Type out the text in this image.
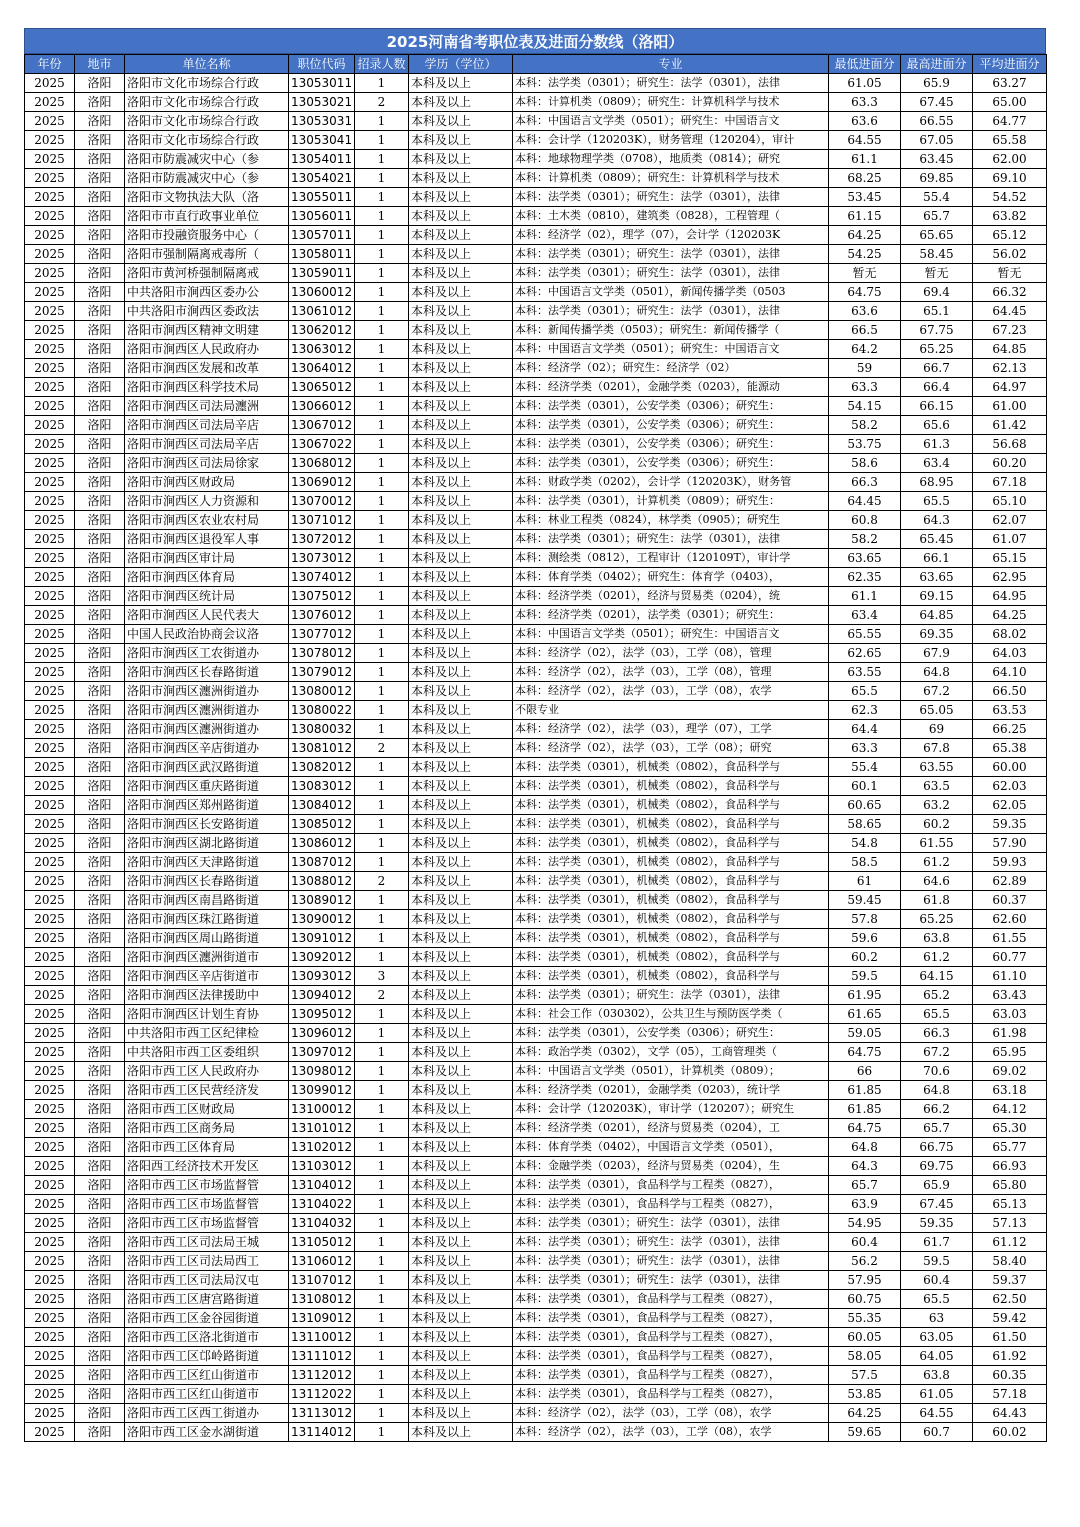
2025河南省考职位表及进面分数线（洛阳）
年份	地市	单位名称	职位代码	招录人数	学历（学位）	专业	最低进面分	最高进面分	平均进面分
2025	洛阳	洛阳市文化市场综合行政	13053011	1	本科及以上	本科：法学类（0301）；研究生：法学（0301），法律	61.05	65.9	63.27
2025	洛阳	洛阳市文化市场综合行政	13053021	2	本科及以上	本科：计算机类（0809）；研究生：计算机科学与技术	63.3	67.45	65.00
2025	洛阳	洛阳市文化市场综合行政	13053031	1	本科及以上	本科：中国语言文学类（0501）；研究生：中国语言文	63.6	66.55	64.77
2025	洛阳	洛阳市文化市场综合行政	13053041	1	本科及以上	本科：会计学（120203K），财务管理（120204），审计	64.55	67.05	65.58
2025	洛阳	洛阳市防震减灾中心（参	13054011	1	本科及以上	本科：地球物理学类（0708），地质类（0814）；研究	61.1	63.45	62.00
2025	洛阳	洛阳市防震减灾中心（参	13054021	1	本科及以上	本科：计算机类（0809）；研究生：计算机科学与技术	68.25	69.85	69.10
2025	洛阳	洛阳市文物执法大队（洛	13055011	1	本科及以上	本科：法学类（0301）；研究生：法学（0301），法律	53.45	55.4	54.52
2025	洛阳	洛阳市市直行政事业单位	13056011	1	本科及以上	本科：土木类（0810），建筑类（0828），工程管理（	61.15	65.7	63.82
2025	洛阳	洛阳市投融资服务中心（	13057011	1	本科及以上	本科：经济学（02），理学（07），会计学（120203K	64.25	65.65	65.12
2025	洛阳	洛阳市强制隔离戒毒所（	13058011	1	本科及以上	本科：法学类（0301）；研究生：法学（0301），法律	54.25	58.45	56.02
2025	洛阳	洛阳市黄河桥强制隔离戒	13059011	1	本科及以上	本科：法学类（0301）；研究生：法学（0301），法律	暂无	暂无	暂无
2025	洛阳	中共洛阳市涧西区委办公	13060012	1	本科及以上	本科：中国语言文学类（0501），新闻传播学类（0503	64.75	69.4	66.32
2025	洛阳	中共洛阳市涧西区委政法	13061012	1	本科及以上	本科：法学类（0301）；研究生：法学（0301），法律	63.6	65.1	64.45
2025	洛阳	洛阳市涧西区精神文明建	13062012	1	本科及以上	本科：新闻传播学类（0503）；研究生：新闻传播学（	66.5	67.75	67.23
2025	洛阳	洛阳市涧西区人民政府办	13063012	1	本科及以上	本科：中国语言文学类（0501）；研究生：中国语言文	64.2	65.25	64.85
2025	洛阳	洛阳市涧西区发展和改革	13064012	1	本科及以上	本科：经济学（02）；研究生：经济学（02）	59	66.7	62.13
2025	洛阳	洛阳市涧西区科学技术局	13065012	1	本科及以上	本科：经济学类（0201），金融学类（0203），能源动	63.3	66.4	64.97
2025	洛阳	洛阳市涧西区司法局瀍洲	13066012	1	本科及以上	本科：法学类（0301），公安学类（0306）；研究生：	54.15	66.15	61.00
2025	洛阳	洛阳市涧西区司法局辛店	13067012	1	本科及以上	本科：法学类（0301），公安学类（0306）；研究生：	58.2	65.6	61.42
2025	洛阳	洛阳市涧西区司法局辛店	13067022	1	本科及以上	本科：法学类（0301），公安学类（0306）；研究生：	53.75	61.3	56.68
2025	洛阳	洛阳市涧西区司法局徐家	13068012	1	本科及以上	本科：法学类（0301），公安学类（0306）；研究生：	58.6	63.4	60.20
2025	洛阳	洛阳市涧西区财政局	13069012	1	本科及以上	本科：财政学类（0202），会计学（120203K），财务管	66.3	68.95	67.18
2025	洛阳	洛阳市涧西区人力资源和	13070012	1	本科及以上	本科：法学类（0301），计算机类（0809）；研究生：	64.45	65.5	65.10
2025	洛阳	洛阳市涧西区农业农村局	13071012	1	本科及以上	本科：林业工程类（0824），林学类（0905）；研究生	60.8	64.3	62.07
2025	洛阳	洛阳市涧西区退役军人事	13072012	1	本科及以上	本科：法学类（0301）；研究生：法学（0301），法律	58.2	65.45	61.07
2025	洛阳	洛阳市涧西区审计局	13073012	1	本科及以上	本科：测绘类（0812），工程审计（120109T），审计学	63.65	66.1	65.15
2025	洛阳	洛阳市涧西区体育局	13074012	1	本科及以上	本科：体育学类（0402）；研究生：体育学（0403），	62.35	63.65	62.95
2025	洛阳	洛阳市涧西区统计局	13075012	1	本科及以上	本科：经济学类（0201），经济与贸易类（0204），统	61.1	69.15	64.95
2025	洛阳	洛阳市涧西区人民代表大	13076012	1	本科及以上	本科：经济学类（0201），法学类（0301）；研究生：	63.4	64.85	64.25
2025	洛阳	中国人民政治协商会议洛	13077012	1	本科及以上	本科：中国语言文学类（0501）；研究生：中国语言文	65.55	69.35	68.02
2025	洛阳	洛阳市涧西区工农街道办	13078012	1	本科及以上	本科：经济学（02），法学（03），工学（08），管理	62.65	67.9	64.03
2025	洛阳	洛阳市涧西区长春路街道	13079012	1	本科及以上	本科：经济学（02），法学（03），工学（08），管理	63.55	64.8	64.10
2025	洛阳	洛阳市涧西区瀍洲街道办	13080012	1	本科及以上	本科：经济学（02），法学（03），工学（08），农学	65.5	67.2	66.50
2025	洛阳	洛阳市涧西区瀍洲街道办	13080022	1	本科及以上	不限专业	62.3	65.05	63.53
2025	洛阳	洛阳市涧西区瀍洲街道办	13080032	1	本科及以上	本科：经济学（02），法学（03），理学（07），工学	64.4	69	66.25
2025	洛阳	洛阳市涧西区辛店街道办	13081012	2	本科及以上	本科：经济学（02），法学（03），工学（08）；研究	63.3	67.8	65.38
2025	洛阳	洛阳市涧西区武汉路街道	13082012	1	本科及以上	本科：法学类（0301），机械类（0802），食品科学与	55.4	63.55	60.00
2025	洛阳	洛阳市涧西区重庆路街道	13083012	1	本科及以上	本科：法学类（0301），机械类（0802），食品科学与	60.1	63.5	62.03
2025	洛阳	洛阳市涧西区郑州路街道	13084012	1	本科及以上	本科：法学类（0301），机械类（0802），食品科学与	60.65	63.2	62.05
2025	洛阳	洛阳市涧西区长安路街道	13085012	1	本科及以上	本科：法学类（0301），机械类（0802），食品科学与	58.65	60.2	59.35
2025	洛阳	洛阳市涧西区湖北路街道	13086012	1	本科及以上	本科：法学类（0301），机械类（0802），食品科学与	54.8	61.55	57.90
2025	洛阳	洛阳市涧西区天津路街道	13087012	1	本科及以上	本科：法学类（0301），机械类（0802），食品科学与	58.5	61.2	59.93
2025	洛阳	洛阳市涧西区长春路街道	13088012	2	本科及以上	本科：法学类（0301），机械类（0802），食品科学与	61	64.6	62.89
2025	洛阳	洛阳市涧西区南昌路街道	13089012	1	本科及以上	本科：法学类（0301），机械类（0802），食品科学与	59.45	61.8	60.37
2025	洛阳	洛阳市涧西区珠江路街道	13090012	1	本科及以上	本科：法学类（0301），机械类（0802），食品科学与	57.8	65.25	62.60
2025	洛阳	洛阳市涧西区周山路街道	13091012	1	本科及以上	本科：法学类（0301），机械类（0802），食品科学与	59.6	63.8	61.55
2025	洛阳	洛阳市涧西区瀍洲街道市	13092012	1	本科及以上	本科：法学类（0301），机械类（0802），食品科学与	60.2	61.2	60.77
2025	洛阳	洛阳市涧西区辛店街道市	13093012	3	本科及以上	本科：法学类（0301），机械类（0802），食品科学与	59.5	64.15	61.10
2025	洛阳	洛阳市涧西区法律援助中	13094012	2	本科及以上	本科：法学类（0301）；研究生：法学（0301），法律	61.95	65.2	63.43
2025	洛阳	洛阳市涧西区计划生育协	13095012	1	本科及以上	本科：社会工作（030302），公共卫生与预防医学类（	61.65	65.5	63.03
2025	洛阳	中共洛阳市西工区纪律检	13096012	1	本科及以上	本科：法学类（0301），公安学类（0306）；研究生：	59.05	66.3	61.98
2025	洛阳	中共洛阳市西工区委组织	13097012	1	本科及以上	本科：政治学类（0302），文学（05），工商管理类（	64.75	67.2	65.95
2025	洛阳	洛阳市西工区人民政府办	13098012	1	本科及以上	本科：中国语言文学类（0501），计算机类（0809）；	66	70.6	69.02
2025	洛阳	洛阳市西工区民营经济发	13099012	1	本科及以上	本科：经济学类（0201），金融学类（0203），统计学	61.85	64.8	63.18
2025	洛阳	洛阳市西工区财政局	13100012	1	本科及以上	本科：会计学（120203K），审计学（120207）；研究生	61.85	66.2	64.12
2025	洛阳	洛阳市西工区商务局	13101012	1	本科及以上	本科：经济学类（0201），经济与贸易类（0204），工	64.75	65.7	65.30
2025	洛阳	洛阳市西工区体育局	13102012	1	本科及以上	本科：体育学类（0402），中国语言文学类（0501），	64.8	66.75	65.77
2025	洛阳	洛阳西工经济技术开发区	13103012	1	本科及以上	本科：金融学类（0203），经济与贸易类（0204），生	64.3	69.75	66.93
2025	洛阳	洛阳市西工区市场监督管	13104012	1	本科及以上	本科：法学类（0301），食品科学与工程类（0827），	65.7	65.9	65.80
2025	洛阳	洛阳市西工区市场监督管	13104022	1	本科及以上	本科：法学类（0301），食品科学与工程类（0827），	63.9	67.45	65.13
2025	洛阳	洛阳市西工区市场监督管	13104032	1	本科及以上	本科：法学类（0301）；研究生：法学（0301），法律	54.95	59.35	57.13
2025	洛阳	洛阳市西工区司法局王城	13105012	1	本科及以上	本科：法学类（0301）；研究生：法学（0301），法律	60.4	61.7	61.12
2025	洛阳	洛阳市西工区司法局西工	13106012	1	本科及以上	本科：法学类（0301）；研究生：法学（0301），法律	56.2	59.5	58.40
2025	洛阳	洛阳市西工区司法局汉屯	13107012	1	本科及以上	本科：法学类（0301）；研究生：法学（0301），法律	57.95	60.4	59.37
2025	洛阳	洛阳市西工区唐宫路街道	13108012	1	本科及以上	本科：法学类（0301），食品科学与工程类（0827），	60.75	65.5	62.50
2025	洛阳	洛阳市西工区金谷园街道	13109012	1	本科及以上	本科：法学类（0301），食品科学与工程类（0827），	55.35	63	59.42
2025	洛阳	洛阳市西工区洛北街道市	13110012	1	本科及以上	本科：法学类（0301），食品科学与工程类（0827），	60.05	63.05	61.50
2025	洛阳	洛阳市西工区邙岭路街道	13111012	1	本科及以上	本科：法学类（0301），食品科学与工程类（0827），	58.05	64.05	61.92
2025	洛阳	洛阳市西工区红山街道市	13112012	1	本科及以上	本科：法学类（0301），食品科学与工程类（0827），	57.5	63.8	60.35
2025	洛阳	洛阳市西工区红山街道市	13112022	1	本科及以上	本科：法学类（0301），食品科学与工程类（0827），	53.85	61.05	57.18
2025	洛阳	洛阳市西工区西工街道办	13113012	1	本科及以上	本科：经济学（02），法学（03），工学（08），农学	64.25	64.55	64.43
2025	洛阳	洛阳市西工区金水湖街道	13114012	1	本科及以上	本科：经济学（02），法学（03），工学（08），农学	59.65	60.7	60.02
